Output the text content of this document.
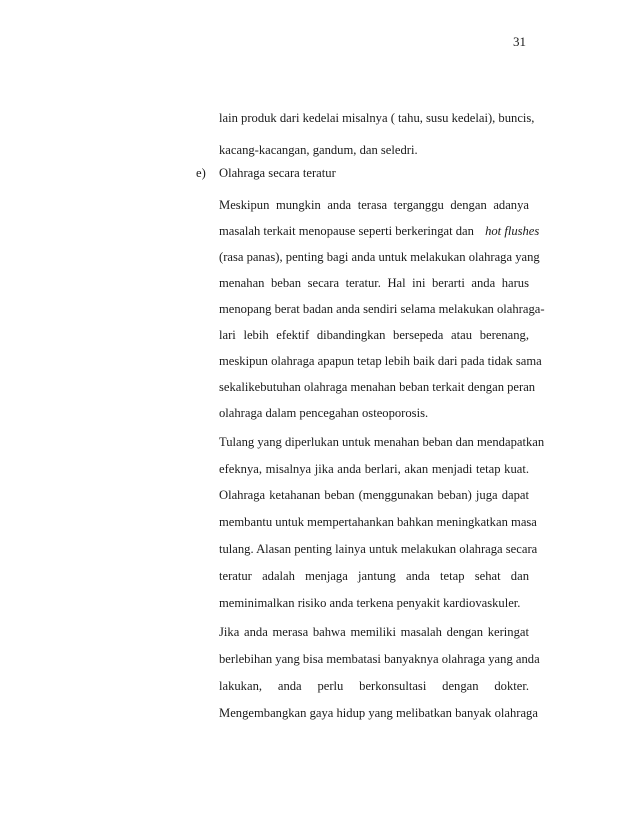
31
lain produk dari kedelai misalnya ( tahu, susu kedelai), buncis,
kacang-kacangan, gandum, dan seledri.
e) Olahraga secara teratur
Meskipun mungkin anda terasa terganggu dengan adanya
masalah terkait menopause seperti berkeringat dan hot flushes
(rasa panas), penting bagi anda untuk melakukan olahraga yang
menahan beban secara teratur. Hal ini berarti anda harus
menopang berat badan anda sendiri selama melakukan olahraga-
lari lebih efektif dibandingkan bersepeda atau berenang,
meskipun olahraga apapun tetap lebih baik dari pada tidak sama
sekalikebutuhan olahraga menahan beban terkait dengan peran
olahraga dalam pencegahan osteoporosis.
Tulang yang diperlukan untuk menahan beban dan mendapatkan
efeknya, misalnya jika anda berlari, akan menjadi tetap kuat.
Olahraga ketahanan beban (menggunakan beban) juga dapat
membantu untuk mempertahankan bahkan meningkatkan masa
tulang. Alasan penting lainya untuk melakukan olahraga secara
teratur adalah menjaga jantung anda tetap sehat dan
meminimalkan risiko anda terkena penyakit kardiovaskuler.
Jika anda merasa bahwa memiliki masalah dengan keringat
berlebihan yang bisa membatasi banyaknya olahraga yang anda
lakukan, anda perlu berkonsultasi dengan dokter.
Mengembangkan gaya hidup yang melibatkan banyak olahraga
